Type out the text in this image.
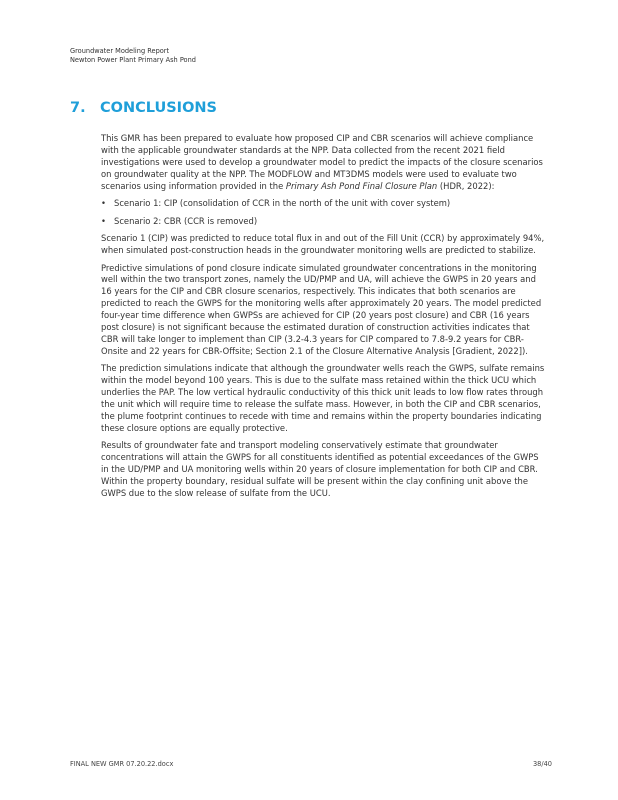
Groundwater Modeling Report
Newton Power Plant Primary Ash Pond
7. CONCLUSIONS

This GMR has been prepared to evaluate how proposed CIP and CBR scenarios will achieve compliance with the applicable groundwater standards at the NPP. Data collected from the recent 2021 field investigations were used to develop a groundwater model to predict the impacts of the closure scenarios on groundwater quality at the NPP. The MODFLOW and MT3DMS models were used to evaluate two scenarios using information provided in the Primary Ash Pond Final Closure Plan (HDR, 2022):

• Scenario 1: CIP (consolidation of CCR in the north of the unit with cover system)
• Scenario 2: CBR (CCR is removed)

Scenario 1 (CIP) was predicted to reduce total flux in and out of the Fill Unit (CCR) by approximately 94%, when simulated post-construction heads in the groundwater monitoring wells are predicted to stabilize.

Predictive simulations of pond closure indicate simulated groundwater concentrations in the monitoring well within the two transport zones, namely the UD/PMP and UA, will achieve the GWPS in 20 years and 16 years for the CIP and CBR closure scenarios, respectively. This indicates that both scenarios are predicted to reach the GWPS for the monitoring wells after approximately 20 years. The model predicted four-year time difference when GWPSs are achieved for CIP (20 years post closure) and CBR (16 years post closure) is not significant because the estimated duration of construction activities indicates that CBR will take longer to implement than CIP (3.2-4.3 years for CIP compared to 7.8-9.2 years for CBR-Onsite and 22 years for CBR-Offsite; Section 2.1 of the Closure Alternative Analysis [Gradient, 2022]).

The prediction simulations indicate that although the groundwater wells reach the GWPS, sulfate remains within the model beyond 100 years. This is due to the sulfate mass retained within the thick UCU which underlies the PAP. The low vertical hydraulic conductivity of this thick unit leads to low flow rates through the unit which will require time to release the sulfate mass. However, in both the CIP and CBR scenarios, the plume footprint continues to recede with time and remains within the property boundaries indicating these closure options are equally protective.

Results of groundwater fate and transport modeling conservatively estimate that groundwater concentrations will attain the GWPS for all constituents identified as potential exceedances of the GWPS in the UD/PMP and UA monitoring wells within 20 years of closure implementation for both CIP and CBR. Within the property boundary, residual sulfate will be present within the clay confining unit above the GWPS due to the slow release of sulfate from the UCU.

FINAL NEW GMR 07.20.22.docx	38/40
